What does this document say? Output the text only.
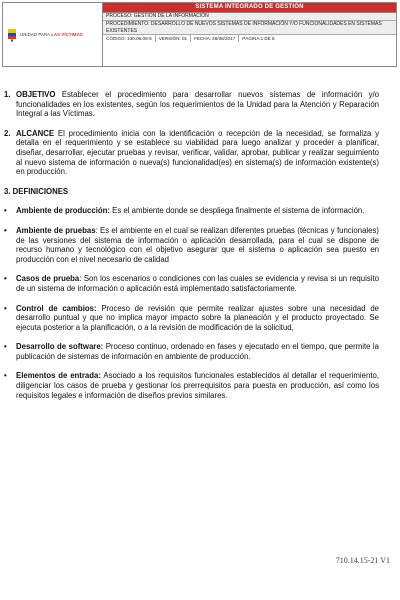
UNIDAD PARA LAS VÍCTIMAS
SISTEMA INTEGRADO DE GESTIÓN
PROCESO: GESTIÓN DE LA INFORMACIÓN
PROCEDIMIENTO: DESARROLLO DE NUEVOS SISTEMAS DE INFORMACIÓN Y/O FUNCIONALIDADES EN SISTEMAS EXISTENTES
CÓDIGO: 130.06.08-5	VERSIÓN: 01	FECHA: 28/08/2017	PÁGINA 1 DE 8
1. OBJETIVO Establecer el procedimiento para desarrollar nuevos sistemas de información y/o funcionalidades en los existentes, según los requerimientos de la Unidad para la Atención y Reparación Integral a las Víctimas.
2. ALCANCE El procedimiento inicia con la identificación o recepción de la necesidad, se formaliza y detalla en el requerimiento y se establece su viabilidad para luego analizar y proceder a planificar, diseñar, desarrollar, ejecutar pruebas y revisar, verificar, validar, aprobar, publicar y realizar seguimiento al nuevo sistema de información o nueva(s) funcionalidad(es) en sistema(s) de información existente(s) en producción.
3. DEFINICIONES
•	Ambiente de producción: Es el ambiente donde se despliega finalmente el sistema de información.
•	Ambiente de pruebas: Es el ambiente en el cual se realizan diferentes pruebas (técnicas y funcionales) de las versiones del sistema de información o aplicación desarrollada, para el cual se dispone de recurso humano y tecnológico con el objetivo asegurar que el sistema o aplicación sea puesto en producción con el nivel necesario de calidad
•	Casos de prueba: Son los escenarios o condiciones con las cuales se evidencia y revisa si un requisito de un sistema de información o aplicación está implementado satisfactoriamente.
•	Control de cambios: Proceso de revisión que permite realizar ajustes sobre una necesidad de desarrollo puntual y que no implica mayor impacto sobre la planeación y el producto proyectado. Se ejecuta posterior a la planificación, o a la revisión de modificación de la solicitud,
•	Desarrollo de software: Proceso continuo, ordenado en fases y ejecutado en el tiempo, que permite la publicación de sistemas de información en ambiente de producción.
•	Elementos de entrada: Asociado a los requisitos funcionales establecidos al detallar el requerimiento, diligenciar los casos de prueba y gestionar los prerrequisitos para puesta en producción, así como los requisitos legales e información de diseños previos similares.
710.14.15-21 V1
